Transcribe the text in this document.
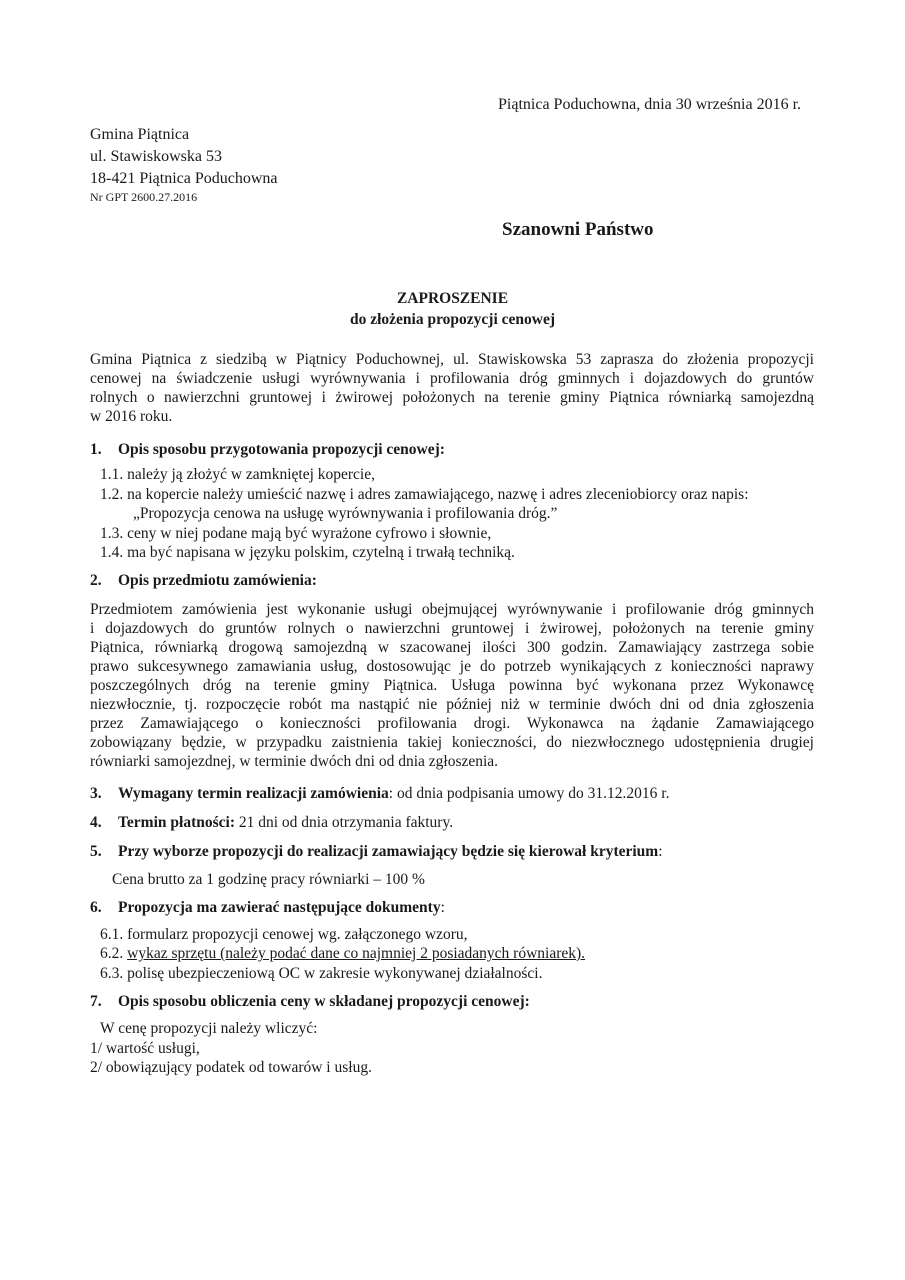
Piątnica Poduchowna, dnia 30 września 2016 r.
Gmina Piątnica
ul. Stawiskowska 53
18-421 Piątnica Poduchowna
Nr GPT 2600.27.2016
Szanowni Państwo
ZAPROSZENIE
do złożenia propozycji cenowej
Gmina Piątnica z siedzibą w Piątnicy Poduchownej, ul. Stawiskowska 53 zaprasza do złożenia propozycji
cenowej na świadczenie usługi wyrównywania i profilowania dróg gminnych i dojazdowych do gruntów
rolnych o nawierzchni gruntowej i żwirowej położonych na terenie gminy Piątnica równiarką samojezdną
w 2016 roku.
1. Opis sposobu przygotowania propozycji cenowej:
1.1. należy ją złożyć w zamkniętej kopercie,
1.2. na kopercie należy umieścić nazwę i adres zamawiającego, nazwę i adres zleceniobiorcy oraz napis:
„Propozycja cenowa na usługę wyrównywania i profilowania dróg.”
1.3. ceny w niej podane mają być wyrażone cyfrowo i słownie,
1.4. ma być napisana w języku polskim, czytelną i trwałą techniką.
2. Opis przedmiotu zamówienia:
Przedmiotem zamówienia jest wykonanie usługi obejmującej wyrównywanie i profilowanie dróg gminnych
i dojazdowych do gruntów rolnych o nawierzchni gruntowej i żwirowej, położonych na terenie gminy
Piątnica, równiarką drogową samojezdną w szacowanej ilości 300 godzin. Zamawiający zastrzega sobie
prawo sukcesywnego zamawiania usług, dostosowując je do potrzeb wynikających z konieczności naprawy
poszczególnych dróg na terenie gminy Piątnica. Usługa powinna być wykonana przez Wykonawcę
niezwłocznie, tj. rozpoczęcie robót ma nastąpić nie później niż w terminie dwóch dni od dnia zgłoszenia
przez Zamawiającego o konieczności profilowania drogi. Wykonawca na żądanie Zamawiającego
zobowiązany będzie, w przypadku zaistnienia takiej konieczności, do niezwłocznego udostępnienia drugiej
równiarki samojezdnej, w terminie dwóch dni od dnia zgłoszenia.
3. Wymagany termin realizacji zamówienia: od dnia podpisania umowy do 31.12.2016 r.
4. Termin płatności: 21 dni od dnia otrzymania faktury.
5. Przy wyborze propozycji do realizacji zamawiający będzie się kierował kryterium:
Cena brutto za 1 godzinę pracy równiarki – 100 %
6. Propozycja ma zawierać następujące dokumenty:
6.1. formularz propozycji cenowej wg. załączonego wzoru,
6.2. wykaz sprzętu (należy podać dane co najmniej 2 posiadanych równiarek).
6.3. polisę ubezpieczeniową OC w zakresie wykonywanej działalności.
7. Opis sposobu obliczenia ceny w składanej propozycji cenowej:
W cenę propozycji należy wliczyć:
1/ wartość usługi,
2/ obowiązujący podatek od towarów i usług.
